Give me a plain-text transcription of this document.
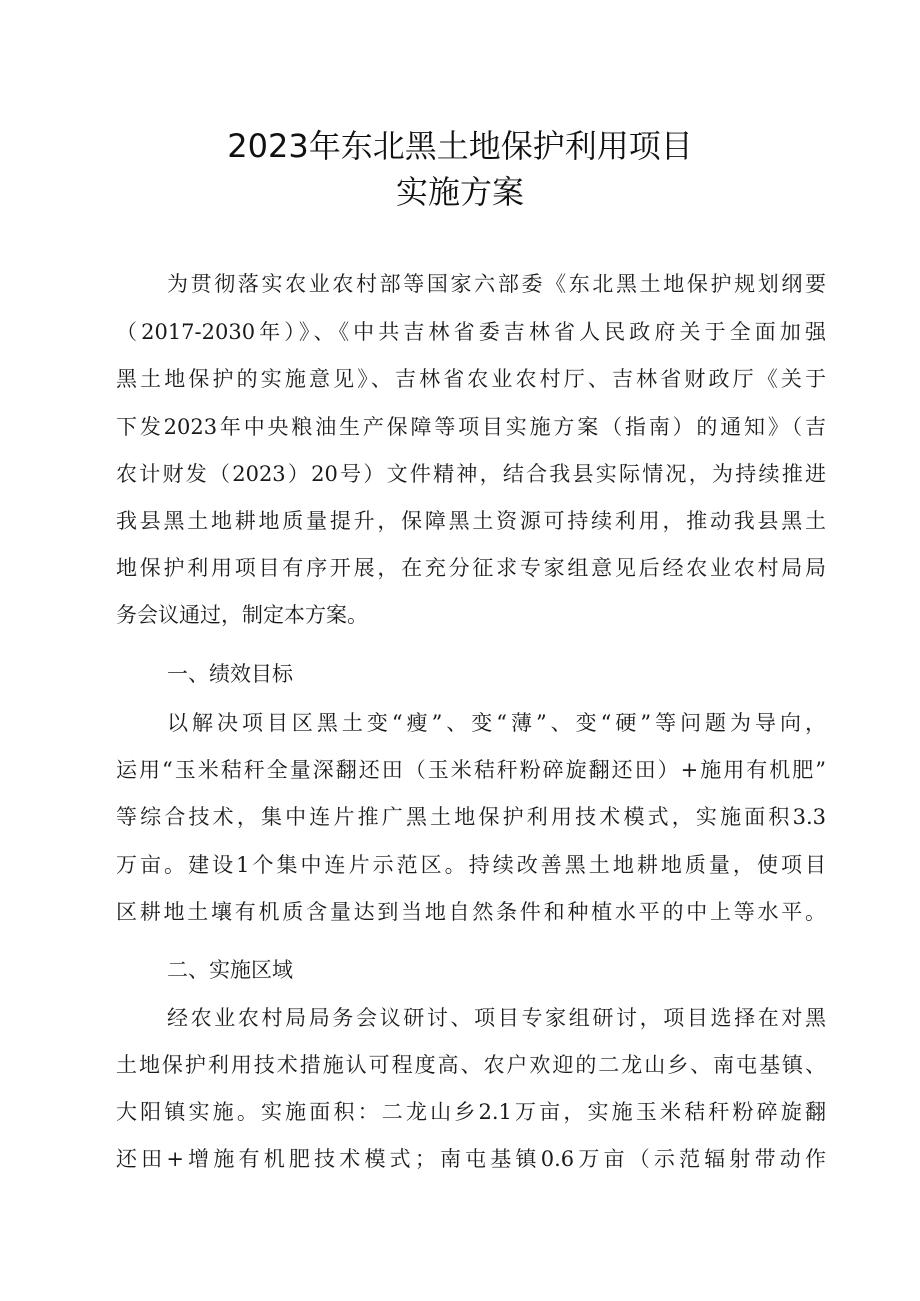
2023年东北黑土地保护利用项目
实施方案
为贯彻落实农业农村部等国家六部委《东北黑土地保护规划纲要
（2017-2030年）》、《中共吉林省委吉林省人民政府关于全面加强
黑土地保护的实施意见》、吉林省农业农村厅、吉林省财政厅《关于
下发2023年中央粮油生产保障等项目实施方案（指南）的通知》（吉
农计财发（2023）20号）文件精神，结合我县实际情况，为持续推进
我县黑土地耕地质量提升，保障黑土资源可持续利用，推动我县黑土
地保护利用项目有序开展，在充分征求专家组意见后经农业农村局局
务会议通过，制定本方案。
一、绩效目标
以解决项目区黑土变“瘦”、变“薄”、变“硬”等问题为导向，
运用“玉米秸秆全量深翻还田（玉米秸秆粉碎旋翻还田）+施用有机肥”
等综合技术，集中连片推广黑土地保护利用技术模式，实施面积3.3
万亩。建设1个集中连片示范区。持续改善黑土地耕地质量，使项目
区耕地土壤有机质含量达到当地自然条件和种植水平的中上等水平。
二、实施区域
经农业农村局局务会议研讨、项目专家组研讨，项目选择在对黑
土地保护利用技术措施认可程度高、农户欢迎的二龙山乡、南屯基镇、
大阳镇实施。实施面积：二龙山乡2.1万亩，实施玉米秸秆粉碎旋翻
还田+增施有机肥技术模式；南屯基镇0.6万亩（示范辐射带动作
